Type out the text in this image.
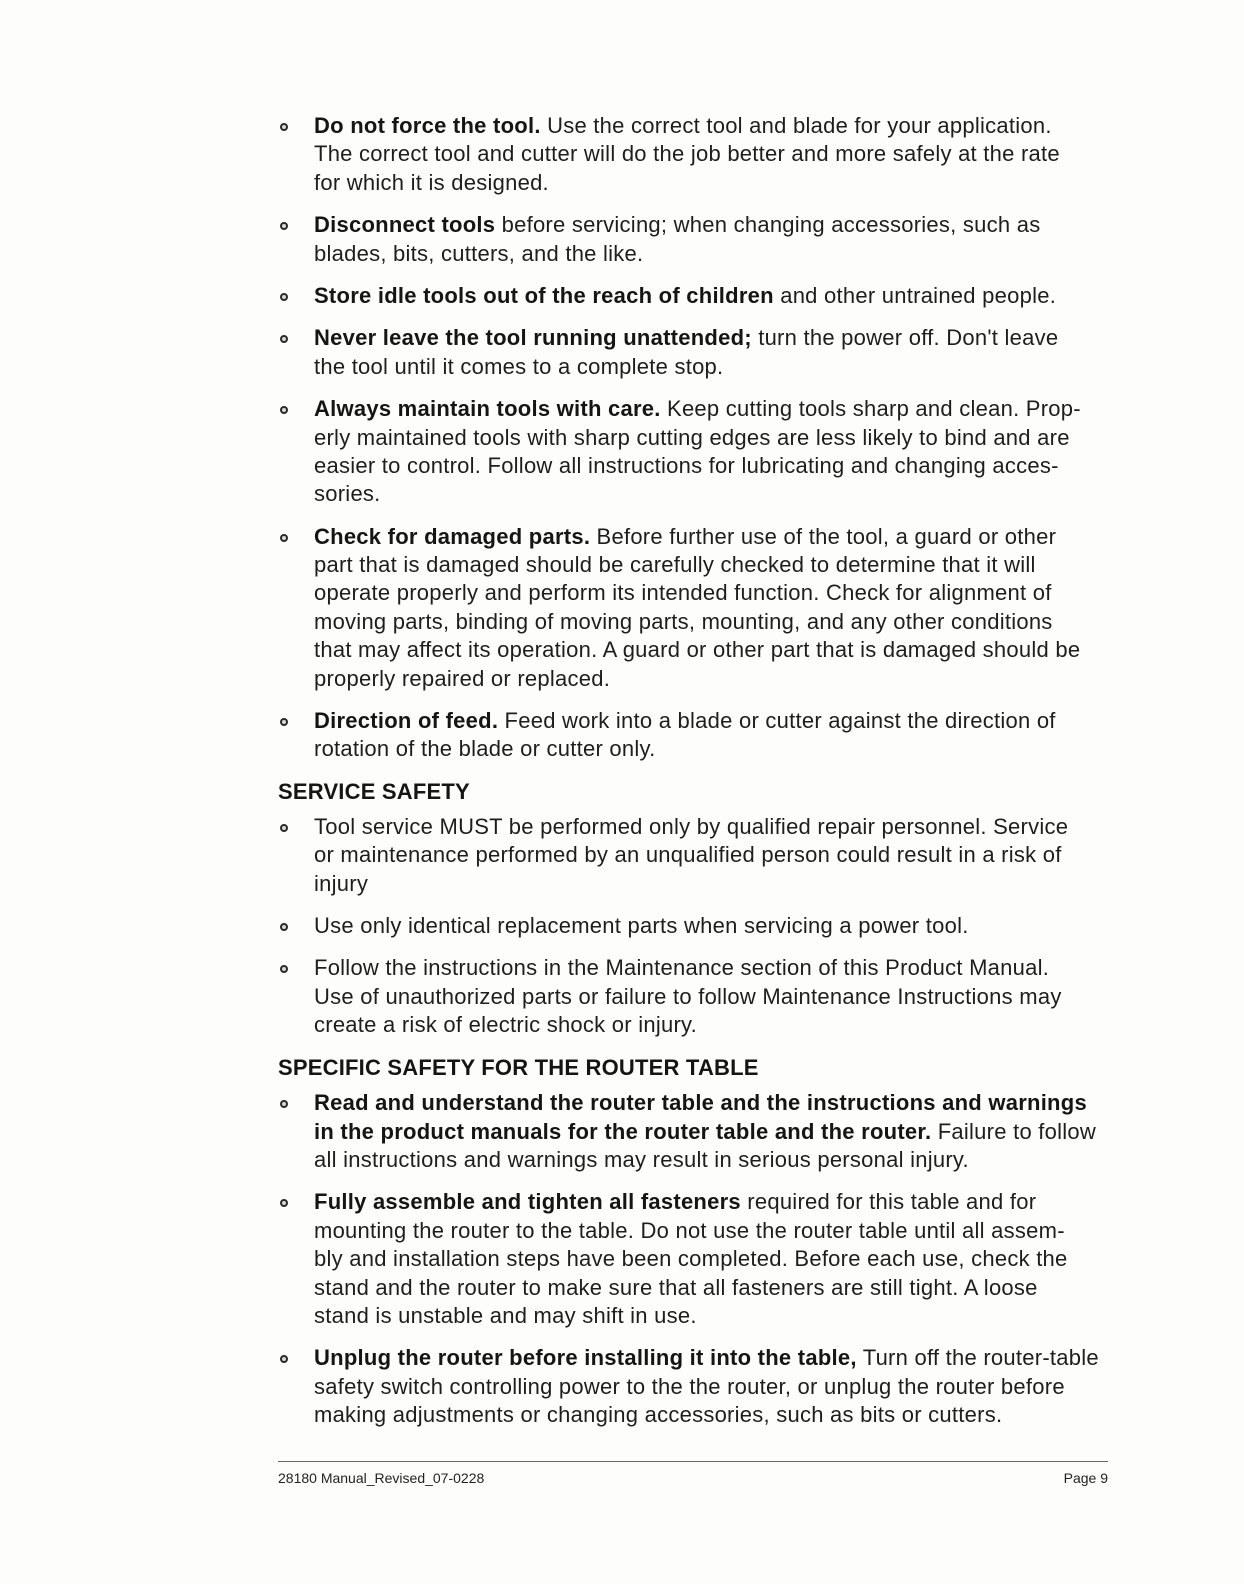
Do not force the tool. Use the correct tool and blade for your application.
The correct tool and cutter will do the job better and more safely at the rate
for which it is designed.
Disconnect tools before servicing; when changing accessories, such as
blades, bits, cutters, and the like.
Store idle tools out of the reach of children and other untrained people.
Never leave the tool running unattended; turn the power off. Don't leave
the tool until it comes to a complete stop.
Always maintain tools with care. Keep cutting tools sharp and clean. Prop-
erly maintained tools with sharp cutting edges are less likely to bind and are
easier to control. Follow all instructions for lubricating and changing acces-
sories.
Check for damaged parts. Before further use of the tool, a guard or other
part that is damaged should be carefully checked to determine that it will
operate properly and perform its intended function. Check for alignment of
moving parts, binding of moving parts, mounting, and any other conditions
that may affect its operation. A guard or other part that is damaged should be
properly repaired or replaced.
Direction of feed. Feed work into a blade or cutter against the direction of
rotation of the blade or cutter only.
SERVICE SAFETY
Tool service MUST be performed only by qualified repair personnel. Service
or maintenance performed by an unqualified person could result in a risk of
injury
Use only identical replacement parts when servicing a power tool.
Follow the instructions in the Maintenance section of this Product Manual.
Use of unauthorized parts or failure to follow Maintenance Instructions may
create a risk of electric shock or injury.
SPECIFIC SAFETY FOR THE ROUTER TABLE
Read and understand the router table and the instructions and warnings
in the product manuals for the router table and the router. Failure to follow
all instructions and warnings may result in serious personal injury.
Fully assemble and tighten all fasteners required for this table and for
mounting the router to the table. Do not use the router table until all assem-
bly and installation steps have been completed. Before each use, check the
stand and the router to make sure that all fasteners are still tight. A loose
stand is unstable and may shift in use.
Unplug the router before installing it into the table, Turn off the router-table
safety switch controlling power to the the router, or unplug the router before
making adjustments or changing accessories, such as bits or cutters.
28180 Manual_Revised_07-0228	Page 9
